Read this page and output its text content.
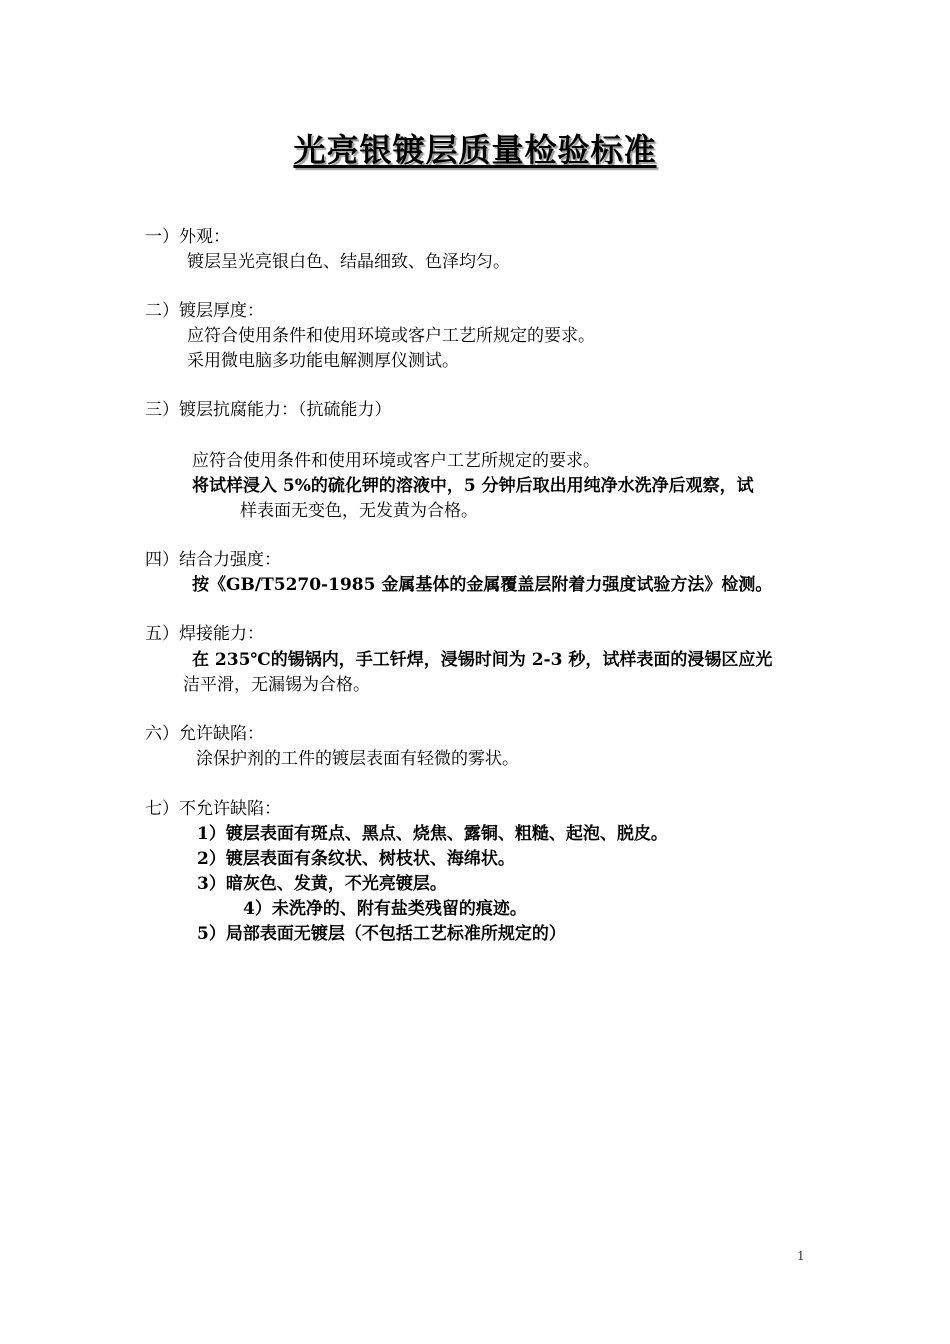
光亮银镀层质量检验标准
一）外观：
镀层呈光亮银白色、结晶细致、色泽均匀。
二）镀层厚度：
应符合使用条件和使用环境或客户工艺所规定的要求。
采用微电脑多功能电解测厚仪测试。
三）镀层抗腐能力：（抗硫能力）
应符合使用条件和使用环境或客户工艺所规定的要求。
将试样浸入 5%的硫化钾的溶液中，5 分钟后取出用纯净水洗净后观察，试
样表面无变色，无发黄为合格。
四）结合力强度：
按《GB/T5270-1985 金属基体的金属覆盖层附着力强度试验方法》检测。
五）焊接能力：
在 235℃的锡锅内，手工钎焊，浸锡时间为 2-3 秒，试样表面的浸锡区应光
洁平滑，无漏锡为合格。
六）允许缺陷：
涂保护剂的工件的镀层表面有轻微的雾状。
七）不允许缺陷：
1）镀层表面有斑点、黑点、烧焦、露铜、粗糙、起泡、脱皮。
2）镀层表面有条纹状、树枝状、海绵状。
3）暗灰色、发黄，不光亮镀层。
4）未洗净的、附有盐类残留的痕迹。
5）局部表面无镀层（不包括工艺标准所规定的）
1
